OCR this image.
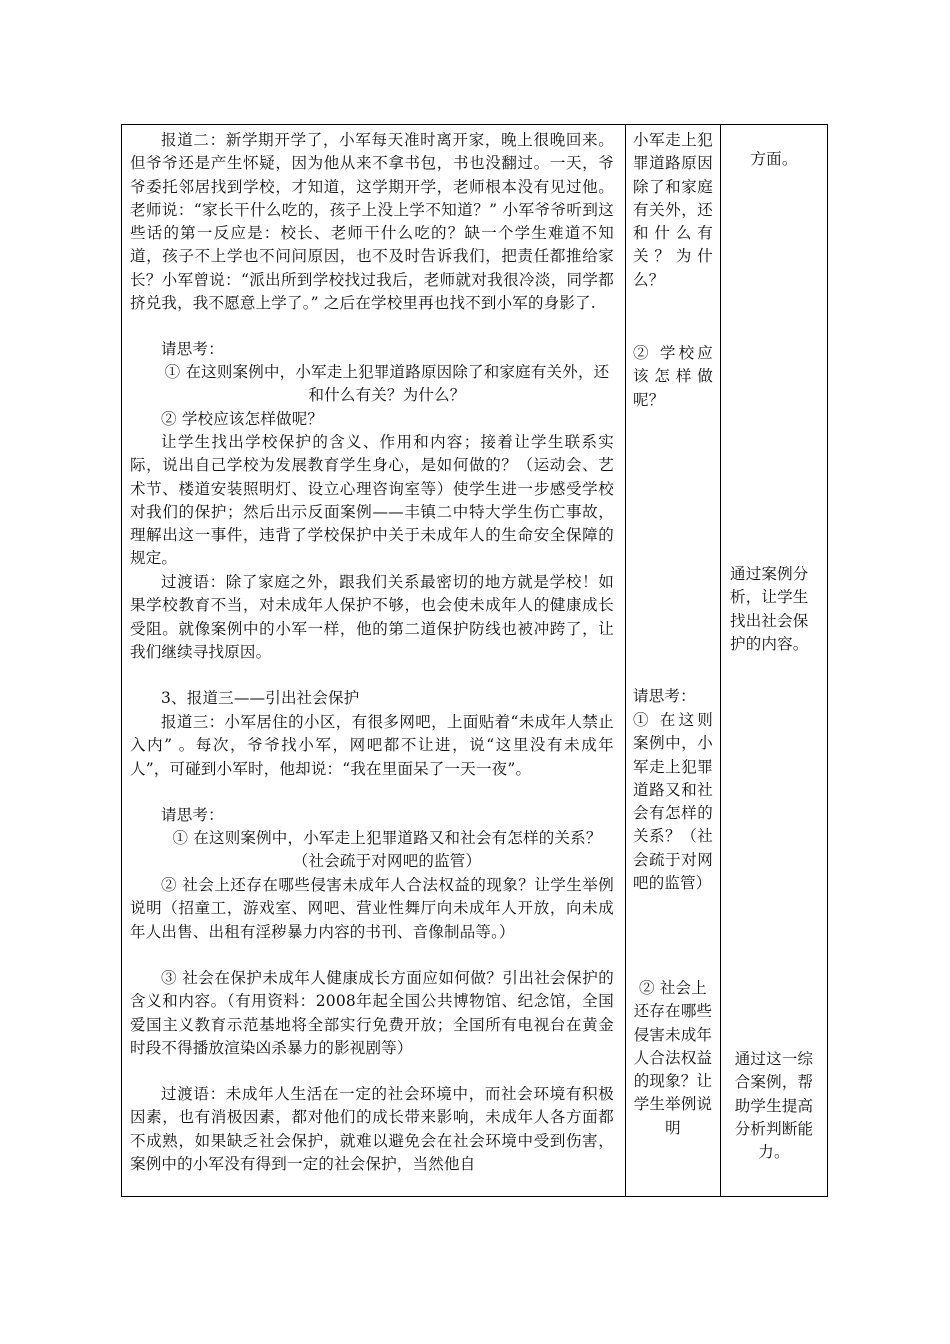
报道二：新学期开学了，小军每天准时离开家，晚上很晚回来。但爷爷还是产生怀疑，因为他从来不拿书包，书也没翻过。一天，爷爷委托邻居找到学校，才知道，这学期开学，老师根本没有见过他。老师说：“家长干什么吃的，孩子上没上学不知道？” 小军爷爷听到这些话的第一反应是：校长、老师干什么吃的？缺一个学生难道不知道，孩子不上学也不问问原因，也不及时告诉我们，把责任都推给家长？小军曾说：“派出所到学校找过我后，老师就对我很冷淡，同学都挤兑我，我不愿意上学了。” 之后在学校里再也找不到小军的身影了.

请思考：

① 在这则案例中，小军走上犯罪道路原因除了和家庭有关外，还和什么有关？为什么？

② 学校应该怎样做呢？

让学生找出学校保护的含义、作用和内容；接着让学生联系实际，说出自己学校为发展教育学生身心，是如何做的？（运动会、艺术节、楼道安装照明灯、设立心理咨询室等）使学生进一步感受学校对我们的保护；然后出示反面案例——丰镇二中特大学生伤亡事故，理解出这一事件，违背了学校保护中关于未成年人的生命安全保障的规定。

过渡语：除了家庭之外，跟我们关系最密切的地方就是学校！如果学校教育不当，对未成年人保护不够，也会使未成年人的健康成长受阻。就像案例中的小军一样，他的第二道保护防线也被冲跨了，让我们继续寻找原因。

3、报道三——引出社会保护

报道三：小军居住的小区，有很多网吧，上面贴着“未成年人禁止入内” 。每次，爷爷找小军，网吧都不让进，说“这里没有未成年人”，可碰到小军时，他却说：“我在里面呆了一天一夜”。

请思考：

① 在这则案例中，小军走上犯罪道路又和社会有怎样的关系？（社会疏于对网吧的监管）

② 社会上还存在哪些侵害未成年人合法权益的现象？让学生举例说明（招童工，游戏室、网吧、营业性舞厅向未成年人开放，向未成年人出售、出租有淫秽暴力内容的书刊、音像制品等。）

③ 社会在保护未成年人健康成长方面应如何做？引出社会保护的含义和内容。（有用资料：2008年起全国公共博物馆、纪念馆，全国爱国主义教育示范基地将全部实行免费开放；全国所有电视台在黄金时段不得播放渲染凶杀暴力的影视剧等）

过渡语：未成年人生活在一定的社会环境中，而社会环境有积极因素，也有消极因素，都对他们的成长带来影响，未成年人各方面都不成熟，如果缺乏社会保护，就难以避免会在社会环境中受到伤害，案例中的小军没有得到一定的社会保护，当然他自

小军走上犯罪道路原因除了和家庭有关外，还和什么有关？为什么？

② 学校应该怎样做呢？

请思考：

① 在这则案例中，小军走上犯罪道路又和社会有怎样的关系？（社会疏于对网吧的监管）

② 社会上还存在哪些侵害未成年人合法权益的现象？让学生举例说明

方面。

通过案例分析，让学生找出社会保护的内容。

通过这一综合案例，帮助学生提高分析判断能力。
